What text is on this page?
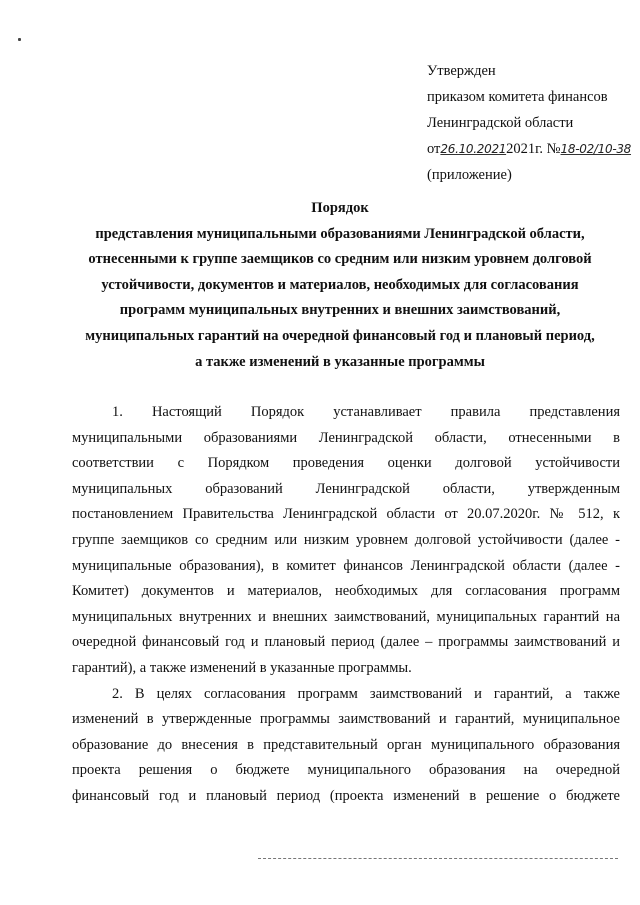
Утвержден
приказом комитета финансов
Ленинградской области
от26.10.20212021г. №18-02/10-38
(приложение)
Порядок
представления муниципальными образованиями Ленинградской области,
отнесенными к группе заемщиков со средним или низким уровнем долговой
устойчивости, документов и материалов, необходимых для согласования
программ муниципальных внутренних и внешних заимствований,
муниципальных гарантий на очередной финансовый год и плановый период,
а также изменений в указанные программы
1. Настоящий Порядок устанавливает правила представления
муниципальными образованиями Ленинградской области, отнесенными в
соответствии с Порядком проведения оценки долговой устойчивости
муниципальных образований Ленинградской области, утвержденным
постановлением Правительства Ленинградской области от 20.07.2020г. № 512, к
группе заемщиков со средним или низким уровнем долговой устойчивости (далее -
муниципальные образования), в комитет финансов Ленинградской области (далее -
Комитет) документов и материалов, необходимых для согласования программ
муниципальных внутренних и внешних заимствований, муниципальных гарантий на
очередной финансовый год и плановый период (далее – программы заимствований и
гарантий), а также изменений в указанные программы.
2. В целях согласования программ заимствований и гарантий, а также
изменений в утвержденные программы заимствований и гарантий, муниципальное
образование до внесения в представительный орган муниципального образования
проекта решения о бюджете муниципального образования на очередной
финансовый год и плановый период (проекта изменений в решение о бюджете
